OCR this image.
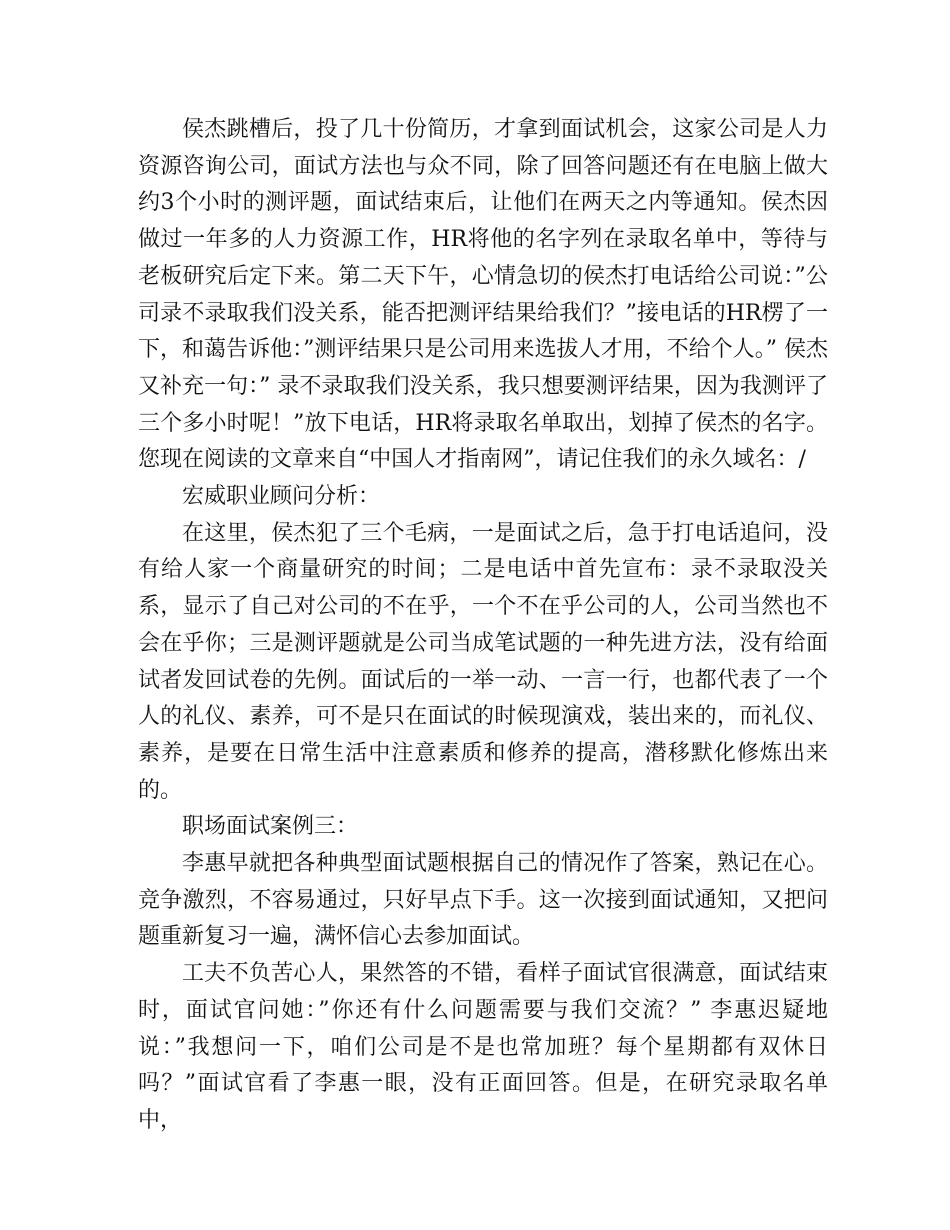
侯杰跳槽后，投了几十份简历，才拿到面试机会，这家公司是人力资源咨询公司，面试方法也与众不同，除了回答问题还有在电脑上做大约3个小时的测评题，面试结束后，让他们在两天之内等通知。侯杰因做过一年多的人力资源工作，HR将他的名字列在录取名单中，等待与老板研究后定下来。第二天下午，心情急切的侯杰打电话给公司说：”公司录不录取我们没关系，能否把测评结果给我们？”接电话的HR楞了一下，和蔼告诉他：”测评结果只是公司用来选拔人才用，不给个人。” 侯杰又补充一句：” 录不录取我们没关系，我只想要测评结果，因为我测评了三个多小时呢！”放下电话，HR将录取名单取出，划掉了侯杰的名字。您现在阅读的文章来自“中国人才指南网”，请记住我们的永久域名：/

宏威职业顾问分析：

在这里，侯杰犯了三个毛病，一是面试之后，急于打电话追问，没有给人家一个商量研究的时间；二是电话中首先宣布：录不录取没关系，显示了自己对公司的不在乎，一个不在乎公司的人，公司当然也不会在乎你；三是测评题就是公司当成笔试题的一种先进方法，没有给面试者发回试卷的先例。面试后的一举一动、一言一行，也都代表了一个人的礼仪、素养，可不是只在面试的时候现演戏，装出来的，而礼仪、素养，是要在日常生活中注意素质和修养的提高，潜移默化修炼出来的。

职场面试案例三：

李惠早就把各种典型面试题根据自己的情况作了答案，熟记在心。竞争激烈，不容易通过，只好早点下手。这一次接到面试通知，又把问题重新复习一遍，满怀信心去参加面试。

工夫不负苦心人，果然答的不错，看样子面试官很满意，面试结束时，面试官问她：”你还有什么问题需要与我们交流？” 李惠迟疑地说：”我想问一下，咱们公司是不是也常加班？每个星期都有双休日吗？”面试官看了李惠一眼，没有正面回答。但是，在研究录取名单中，
